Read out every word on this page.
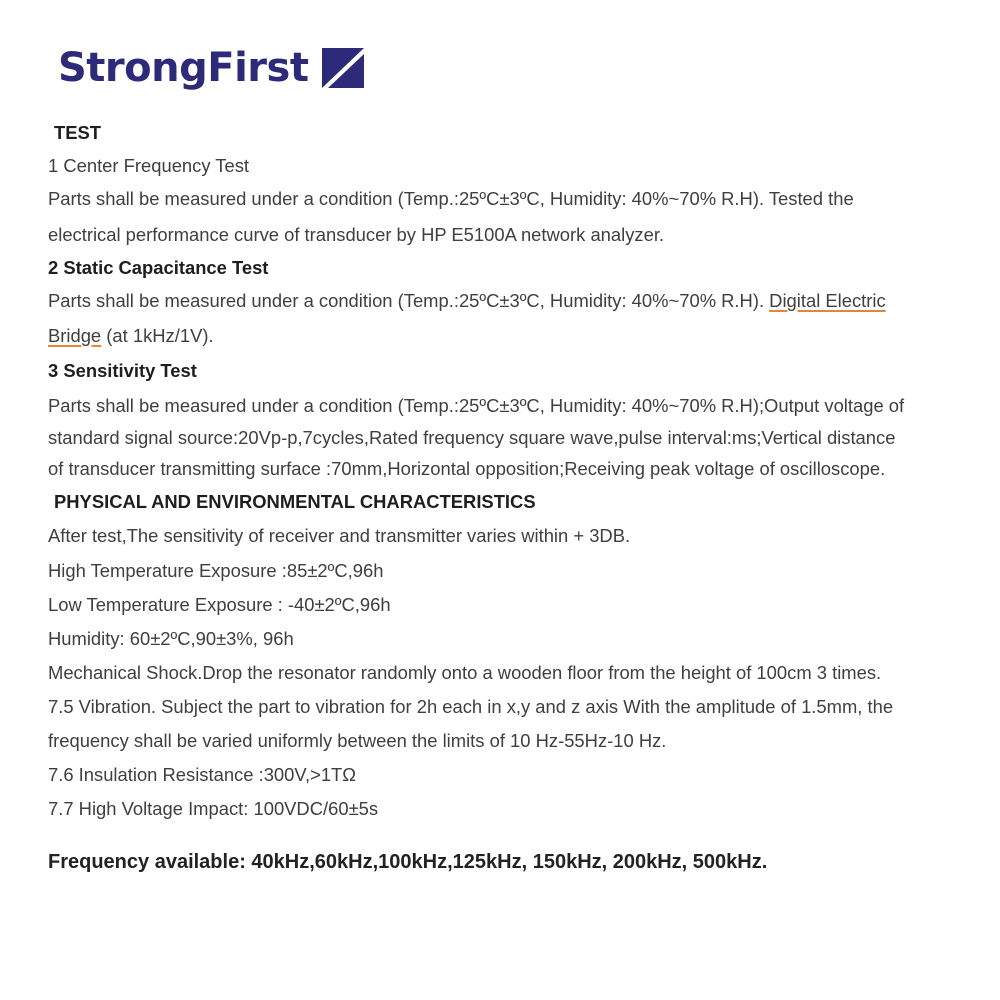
StrongFirst
TEST
1 Center Frequency Test
Parts shall be measured under a condition (Temp.:25ºC±3ºC, Humidity: 40%~70% R.H). Tested the
electrical performance curve of transducer by HP E5100A network analyzer.
2 Static Capacitance Test
Parts shall be measured under a condition (Temp.:25ºC±3ºC, Humidity: 40%~70% R.H). Digital Electric
Bridge (at 1kHz/1V).
3 Sensitivity Test
Parts shall be measured under a condition (Temp.:25ºC±3ºC, Humidity: 40%~70% R.H);Output voltage of
standard signal source:20Vp-p,7cycles,Rated frequency square wave,pulse interval:ms;Vertical distance
of transducer transmitting surface :70mm,Horizontal opposition;Receiving peak voltage of oscilloscope.
PHYSICAL AND ENVIRONMENTAL CHARACTERISTICS
After test,The sensitivity of receiver and transmitter varies within + 3DB.
High Temperature Exposure :85±2ºC,96h
Low Temperature Exposure : -40±2ºC,96h
Humidity: 60±2ºC,90±3%, 96h
Mechanical Shock.Drop the resonator randomly onto a wooden floor from the height of 100cm 3 times.
7.5 Vibration. Subject the part to vibration for 2h each in x,y and z axis With the amplitude of 1.5mm, the
frequency shall be varied uniformly between the limits of 10 Hz-55Hz-10 Hz.
7.6 Insulation Resistance :300V,>1TΩ
7.7 High Voltage Impact: 100VDC/60±5s
Frequency available: 40kHz,60kHz,100kHz,125kHz, 150kHz, 200kHz, 500kHz.
